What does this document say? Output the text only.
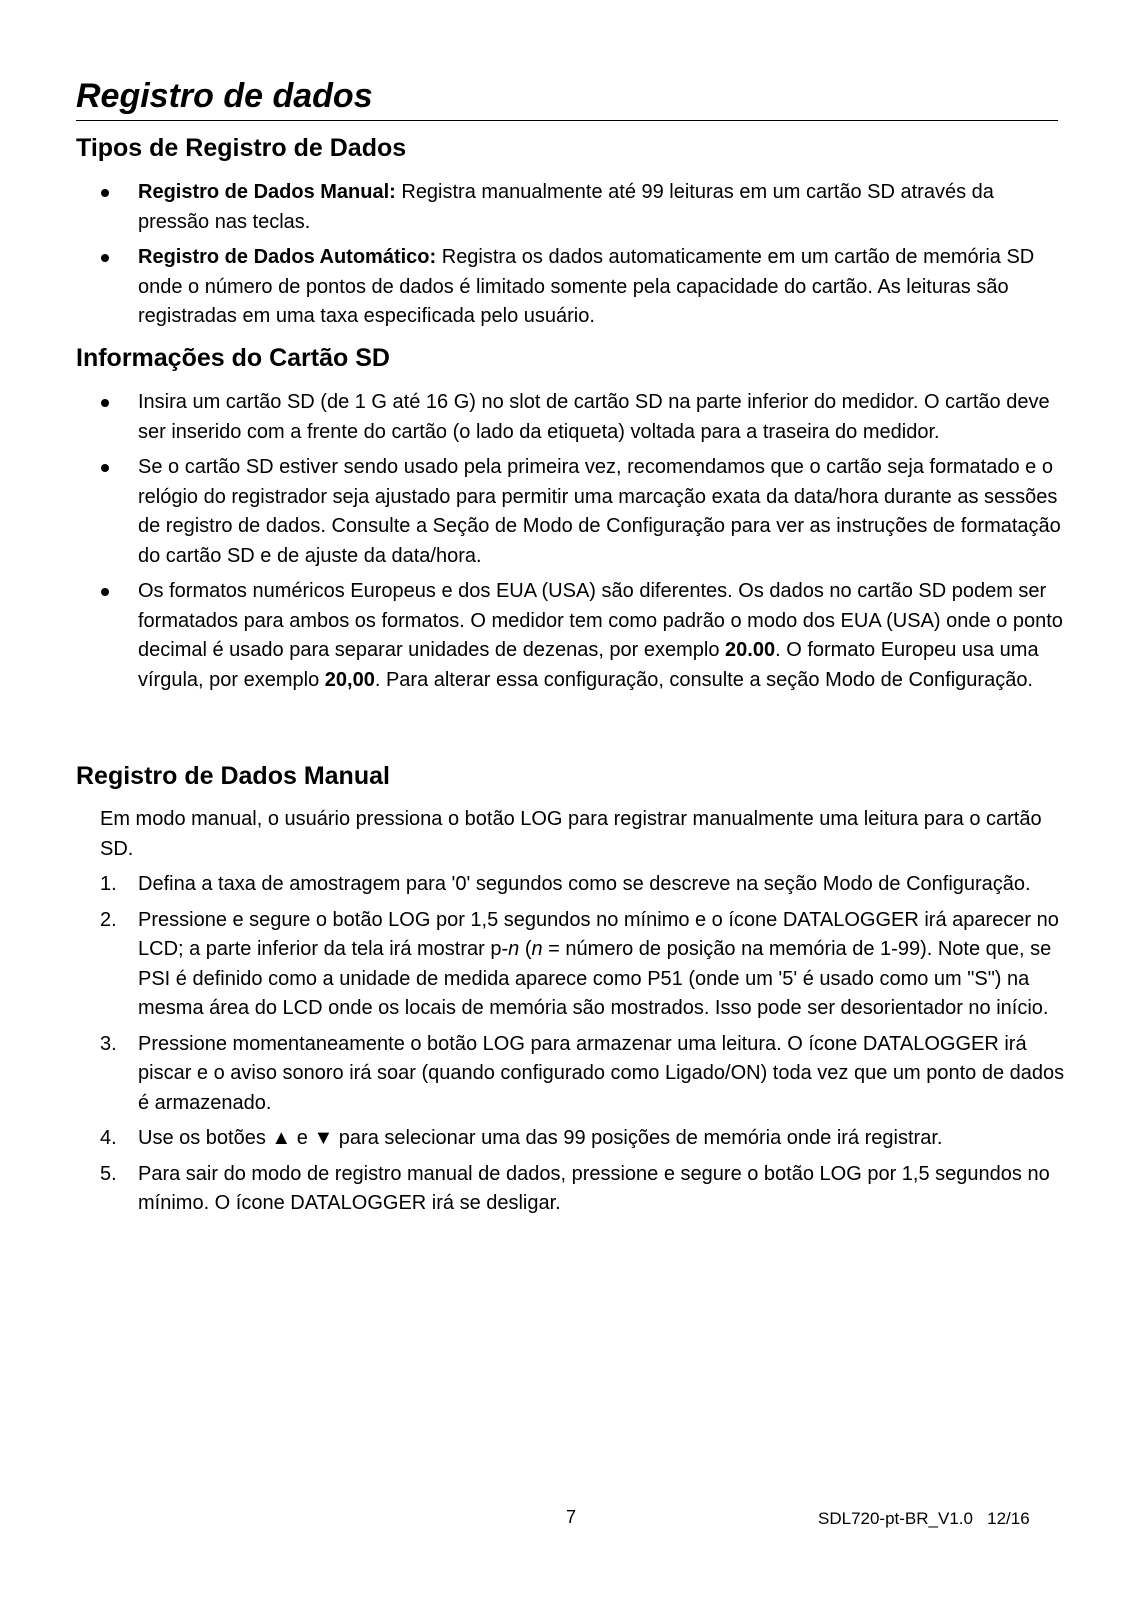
Registro de dados
Tipos de Registro de Dados
Registro de Dados Manual: Registra manualmente até 99 leituras em um cartão SD através da pressão nas teclas.
Registro de Dados Automático: Registra os dados automaticamente em um cartão de memória SD onde o número de pontos de dados é limitado somente pela capacidade do cartão. As leituras são registradas em uma taxa especificada pelo usuário.
Informações do Cartão SD
Insira um cartão SD (de 1 G até 16 G) no slot de cartão SD na parte inferior do medidor. O cartão deve ser inserido com a frente do cartão (o lado da etiqueta) voltada para a traseira do medidor.
Se o cartão SD estiver sendo usado pela primeira vez, recomendamos que o cartão seja formatado e o relógio do registrador seja ajustado para permitir uma marcação exata da data/hora durante as sessões de registro de dados. Consulte a Seção de Modo de Configuração para ver as instruções de formatação do cartão SD e de ajuste da data/hora.
Os formatos numéricos Europeus e dos EUA (USA) são diferentes. Os dados no cartão SD podem ser formatados para ambos os formatos. O medidor tem como padrão o modo dos EUA (USA) onde o ponto decimal é usado para separar unidades de dezenas, por exemplo 20.00. O formato Europeu usa uma vírgula, por exemplo 20,00. Para alterar essa configuração, consulte a seção Modo de Configuração.
Registro de Dados Manual

Em modo manual, o usuário pressiona o botão LOG para registrar manualmente uma leitura para o cartão SD.

1. Defina a taxa de amostragem para '0' segundos como se descreve na seção Modo de Configuração.
2. Pressione e segure o botão LOG por 1,5 segundos no mínimo e o ícone DATALOGGER irá aparecer no LCD; a parte inferior da tela irá mostrar p-n (n = número de posição na memória de 1-99). Note que, se PSI é definido como a unidade de medida aparece como P51 (onde um '5' é usado como um "S") na mesma área do LCD onde os locais de memória são mostrados. Isso pode ser desorientador no início.
3. Pressione momentaneamente o botão LOG para armazenar uma leitura. O ícone DATALOGGER irá piscar e o aviso sonoro irá soar (quando configurado como Ligado/ON) toda vez que um ponto de dados é armazenado.
4. Use os botões ▲ e ▼ para selecionar uma das 99 posições de memória onde irá registrar.
5. Para sair do modo de registro manual de dados, pressione e segure o botão LOG por 1,5 segundos no mínimo. O ícone DATALOGGER irá se desligar.
7	SDL720-pt-BR_V1.0   12/16
